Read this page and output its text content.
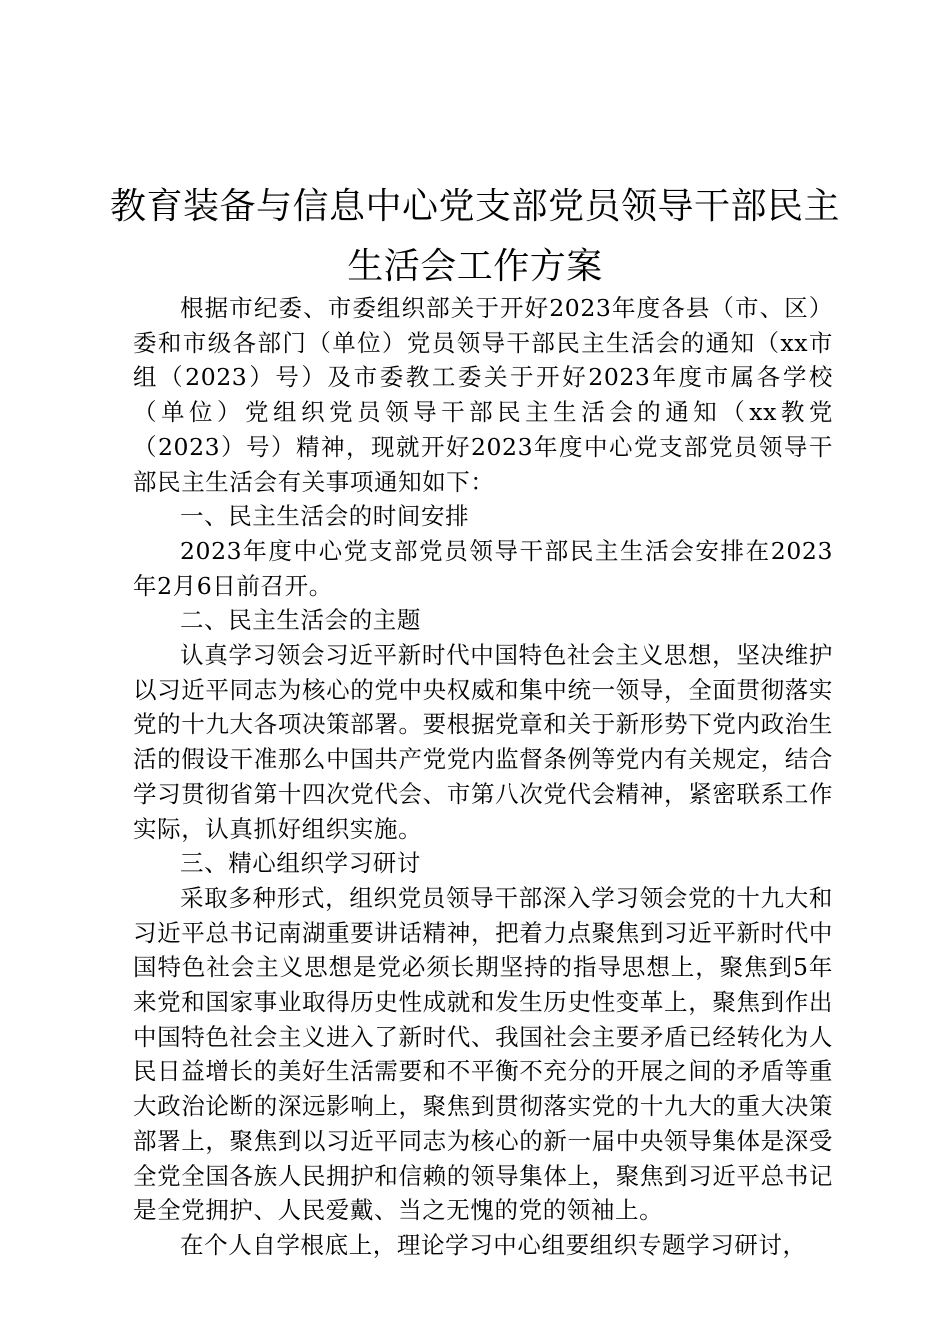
教育装备与信息中心党支部党员领导干部民主
生活会工作方案

根据市纪委、市委组织部关于开好2023年度各县（市、区）委和市级各部门（单位）党员领导干部民主生活会的通知（xx市组（2023）号）及市委教工委关于开好2023年度市属各学校（单位）党组织党员领导干部民主生活会的通知（xx教党（2023）号）精神，现就开好2023年度中心党支部党员领导干部民主生活会有关事项通知如下：

一、民主生活会的时间安排

2023年度中心党支部党员领导干部民主生活会安排在2023年2月6日前召开。

二、民主生活会的主题

认真学习领会习近平新时代中国特色社会主义思想，坚决维护以习近平同志为核心的党中央权威和集中统一领导，全面贯彻落实党的十九大各项决策部署。要根据党章和关于新形势下党内政治生活的假设干准那么中国共产党党内监督条例等党内有关规定，结合学习贯彻省第十四次党代会、市第八次党代会精神，紧密联系工作实际，认真抓好组织实施。

三、精心组织学习研讨

采取多种形式，组织党员领导干部深入学习领会党的十九大和习近平总书记南湖重要讲话精神，把着力点聚焦到习近平新时代中国特色社会主义思想是党必须长期坚持的指导思想上，聚焦到5年来党和国家事业取得历史性成就和发生历史性变革上，聚焦到作出中国特色社会主义进入了新时代、我国社会主要矛盾已经转化为人民日益增长的美好生活需要和不平衡不充分的开展之间的矛盾等重大政治论断的深远影响上，聚焦到贯彻落实党的十九大的重大决策部署上，聚焦到以习近平同志为核心的新一届中央领导集体是深受全党全国各族人民拥护和信赖的领导集体上，聚焦到习近平总书记是全党拥护、人民爱戴、当之无愧的党的领袖上。

在个人自学根底上，理论学习中心组要组织专题学习研讨，
